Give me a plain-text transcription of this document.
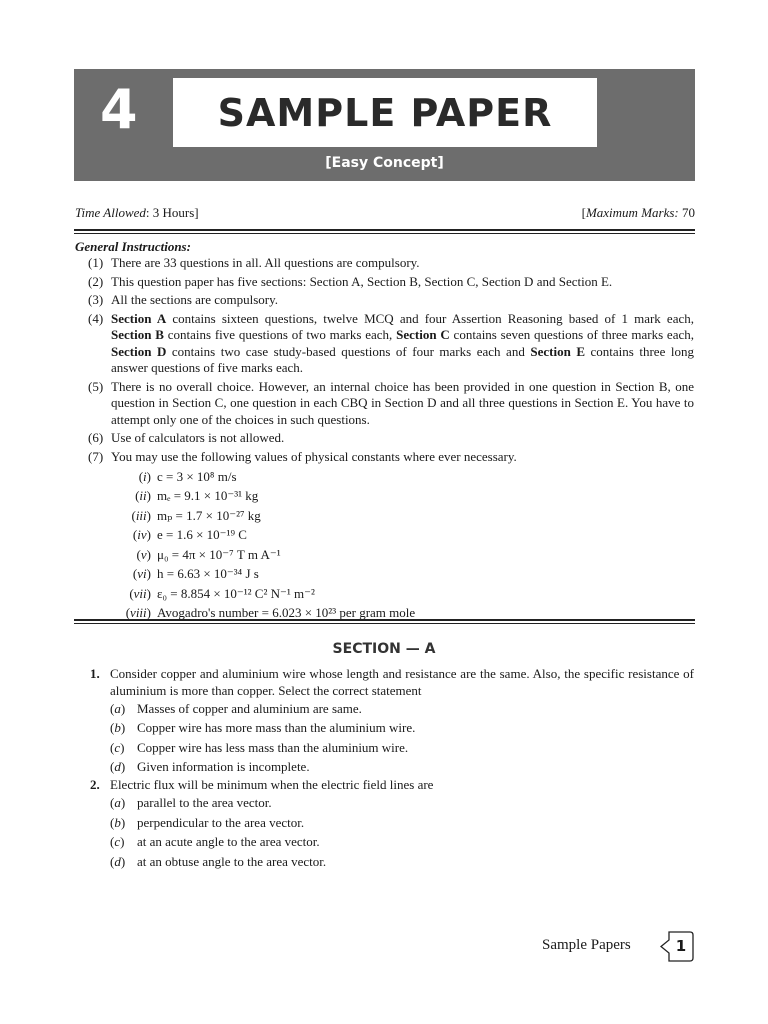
4 SAMPLE PAPER
[Easy Concept]
Time Allowed: 3 Hours]	[Maximum Marks: 70
General Instructions:
(1) There are 33 questions in all. All questions are compulsory.
(2) This question paper has five sections: Section A, Section B, Section C, Section D and Section E.
(3) All the sections are compulsory.
(4) Section A contains sixteen questions, twelve MCQ and four Assertion Reasoning based of 1 mark each, Section B contains five questions of two marks each, Section C contains seven questions of three marks each, Section D contains two case study-based questions of four marks each and Section E contains three long answer questions of five marks each.
(5) There is no overall choice. However, an internal choice has been provided in one question in Section B, one question in Section C, one question in each CBQ in Section D and all three questions in Section E. You have to attempt only one of the choices in such questions.
(6) Use of calculators is not allowed.
(7) You may use the following values of physical constants where ever necessary.
(i) c = 3 × 10⁸ m/s
(ii) mₑ = 9.1 × 10⁻³¹ kg
(iii) mₚ = 1.7 × 10⁻²⁷ kg
(iv) e = 1.6 × 10⁻¹⁹ C
(v) μ₀ = 4π × 10⁻⁷ T m A⁻¹
(vi) h = 6.63 × 10⁻³⁴ J s
(vii) ε₀ = 8.854 × 10⁻¹² C² N⁻¹ m⁻²
(viii) Avogadro's number = 6.023 × 10²³ per gram mole
SECTION — A
1. Consider copper and aluminium wire whose length and resistance are the same. Also, the specific resistance of aluminium is more than copper. Select the correct statement
(a) Masses of copper and aluminium are same.
(b) Copper wire has more mass than the aluminium wire.
(c) Copper wire has less mass than the aluminium wire.
(d) Given information is incomplete.
2. Electric flux will be minimum when the electric field lines are
(a) parallel to the area vector.
(b) perpendicular to the area vector.
(c) at an acute angle to the area vector.
(d) at an obtuse angle to the area vector.
Sample Papers	1
